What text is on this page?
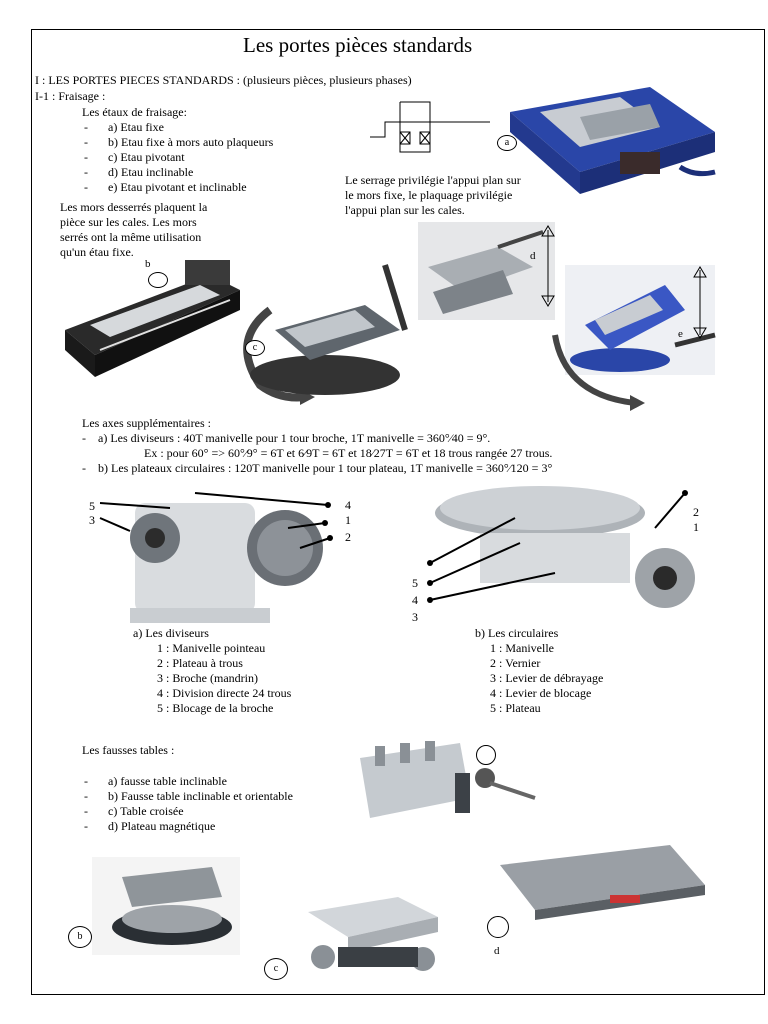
Les portes pièces standards
I : LES PORTES PIECES STANDARDS : (plusieurs pièces, plusieurs phases)
I-1 : Fraisage :
Les étaux de fraisage:
- a) Etau fixe
- b) Etau fixe à mors auto plaqueurs
- c) Etau pivotant
- d) Etau inclinable
- e) Etau pivotant et inclinable	Le serrage privilégie l'appui plan sur
le mors fixe, le plaquage privilégie
l'appui plan sur les cales.
Les mors desserrés plaquent la
pièce sur les cales. Les mors
serrés ont la même utilisation
qu'un étau fixe.
a
b
c
d
e
Les axes supplémentaires :
-    a) Les diviseurs : 40T manivelle pour 1 tour broche, 1T manivelle = 360°⁄40 = 9°.
Ex : pour 60° => 60°⁄9° = 6T et 6⁄9T = 6T et 18⁄27T = 6T et 18 trous rangée 27 trous.
-    b) Les plateaux circulaires : 120T manivelle pour 1 tour plateau, 1T manivelle = 360°⁄120 = 3°
5
3
4
1
2
5
4
3
2
1
a) Les diviseurs
1 : Manivelle pointeau
2 : Plateau à trous
3 : Broche (mandrin)
4 : Division directe 24 trous
5 : Blocage de la broche
b) Les circulaires
1 : Manivelle
2 : Vernier
3 : Levier de débrayage
4 : Levier de blocage
5 : Plateau
Les fausses tables :
- a) fausse table inclinable
- b) Fausse table inclinable et orientable
- c) Table croisée
- d) Plateau magnétique
b
c
d
